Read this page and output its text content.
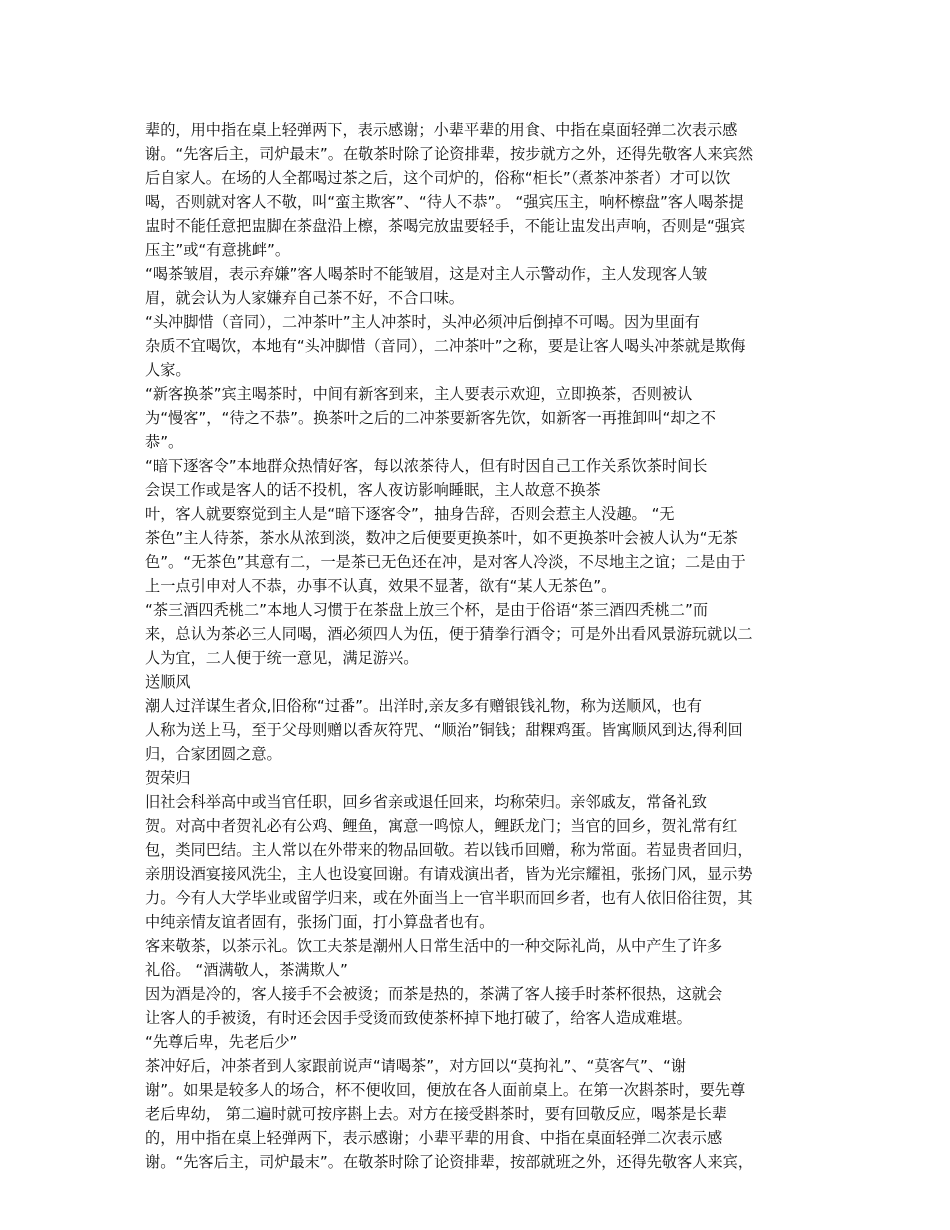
辈的，用中指在桌上轻弹两下，表示感谢；小辈平辈的用食、中指在桌面轻弹二次表示感

谢。“先客后主，司炉最末”。在敬茶时除了论资排辈，按步就方之外，还得先敬客人来宾然

后自家人。在场的人全都喝过茶之后，这个司炉的，俗称“柜长”（煮茶冲茶者）才可以饮

喝，否则就对客人不敬，叫“蛮主欺客”、“待人不恭”。 “强宾压主，响杯檫盘”客人喝茶提

盅时不能任意把盅脚在茶盘沿上檫，茶喝完放盅要轻手，不能让盅发出声响，否则是“强宾

压主”或“有意挑衅”。

“喝茶皱眉，表示弃嫌”客人喝茶时不能皱眉，这是对主人示警动作，主人发现客人皱

眉，就会认为人家嫌弃自己茶不好，不合口味。

“头冲脚惜（音同），二冲茶叶”主人冲茶时，头冲必须冲后倒掉不可喝。因为里面有

杂质不宜喝饮，本地有“头冲脚惜（音同），二冲茶叶”之称，要是让客人喝头冲茶就是欺侮

人家。

“新客换茶”宾主喝茶时，中间有新客到来，主人要表示欢迎，立即换茶，否则被认

为“慢客”，“待之不恭”。换茶叶之后的二冲茶要新客先饮，如新客一再推卸叫“却之不

恭”。

“暗下逐客令”本地群众热情好客，每以浓茶待人，但有时因自己工作关系饮茶时间长

会误工作或是客人的话不投机，客人夜访影响睡眠，主人故意不换茶

叶，客人就要察觉到主人是“暗下逐客令”，抽身告辞，否则会惹主人没趣。 “无

茶色”主人待茶，茶水从浓到淡，数冲之后便要更换茶叶，如不更换茶叶会被人认为“无茶

色”。“无茶色”其意有二，一是茶已无色还在冲，是对客人冷淡，不尽地主之谊；二是由于

上一点引申对人不恭，办事不认真，效果不显著，欲有“某人无茶色”。

“茶三酒四秃桃二”本地人习惯于在茶盘上放三个杯，是由于俗语“茶三酒四秃桃二”而

来，总认为茶必三人同喝，酒必须四人为伍，便于猜拳行酒令；可是外出看风景游玩就以二

人为宜，二人便于统一意见，满足游兴。

送顺风

潮人过洋谋生者众,旧俗称“过番”。出洋时,亲友多有赠银钱礼物，称为送顺风，也有

人称为送上马，至于父母则赠以香灰符咒、“顺治”铜钱；甜粿鸡蛋。皆寓顺风到达,得利回

归，合家团圆之意。

贺荣归

旧社会科举高中或当官任职，回乡省亲或退任回来，均称荣归。亲邻戚友，常备礼致

贺。对高中者贺礼必有公鸡、鲤鱼，寓意一鸣惊人，鲤跃龙门；当官的回乡，贺礼常有红

包，类同巴结。主人常以在外带来的物品回敬。若以钱币回赠，称为常面。若显贵者回归，

亲朋设酒宴接风洗尘，主人也设宴回谢。有请戏演出者，皆为光宗耀祖，张扬门风，显示势

力。今有人大学毕业或留学归来，或在外面当上一官半职而回乡者，也有人依旧俗往贺，其

中纯亲情友谊者固有，张扬门面，打小算盘者也有。

客来敬茶，以茶示礼。饮工夫茶是潮州人日常生活中的一种交际礼尚，从中产生了许多

礼俗。 “酒满敬人，茶满欺人”

因为酒是冷的，客人接手不会被烫；而茶是热的，茶满了客人接手时茶杯很热，这就会

让客人的手被烫，有时还会因手受烫而致使茶杯掉下地打破了，给客人造成难堪。

“先尊后卑，先老后少”

茶冲好后，冲茶者到人家跟前说声“请喝茶”，对方回以“莫拘礼”、“莫客气”、“谢

谢”。如果是较多人的场合，杯不便收回，便放在各人面前桌上。在第一次斟茶时，要先尊

老后卑幼， 第二遍时就可按序斟上去。对方在接受斟茶时，要有回敬反应，喝茶是长辈

的，用中指在桌上轻弹两下，表示感谢；小辈平辈的用食、中指在桌面轻弹二次表示感

谢。“先客后主，司炉最末”。在敬茶时除了论资排辈，按部就班之外，还得先敬客人来宾，
